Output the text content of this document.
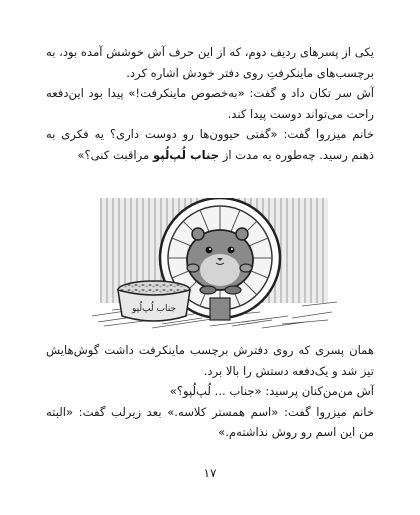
یکی از پسرهای ردیف دوم، که از این حرف آش خوشش آمده بود، به برچسب‌های ماینکرفتِ روی دفتر خودش اشاره کرد.

آش سر تکان داد و گفت: «به‌خصوص ماینکرفت!» پیدا بود این‌دفعه راحت می‌تواند دوست پیدا کند.

خانم میزروا گفت: «گفتی حیوون‌ها رو دوست داری؟ یه فکری به ذهنم رسید. چه‌طوره یه مدت از جناب لُپ‌لُپو مراقبت کنی؟»

جناب لُپ‌لُپو

همان پسری که روی دفترش برچسب ماینکرفت داشت گوش‌هایش تیز شد و یک‌دفعه دستش را بالا برد.

آش من‌من‌کنان پرسید: «جناب ... لُپ‌لُپو؟»

خانم میزروا گفت: «اسم همستر کلاسه.» بعد زیرلب گفت: «البته من این اسم رو روش نذاشته‌م.»

۱۷
